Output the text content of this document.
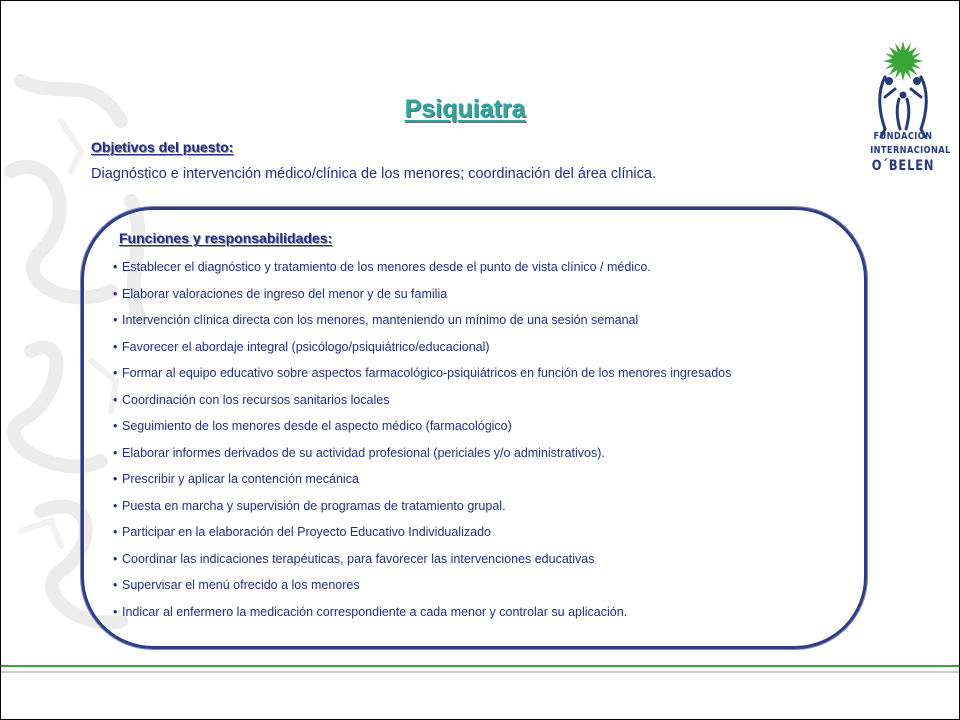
FUNDACIÓN
INTERNACIONAL
O´BELEN
Psiquiatra
Objetivos del puesto:
Diagnóstico e intervención médico/clínica de los menores; coordinación del área clínica.
Funciones y responsabilidades:
• Establecer el diagnóstico y tratamiento de los menores desde el punto de vista clínico / médico.
• Elaborar valoraciones de ingreso del menor y de su familia
• Intervención clínica directa con los menores, manteniendo un mínimo de una sesión semanal
• Favorecer el abordaje integral (psicólogo/psiquiátrico/educacional)
• Formar al equipo educativo sobre aspectos farmacológico-psiquiátricos en función de los menores ingresados
• Coordinación con los recursos sanitarios locales
• Seguimiento de los menores desde el aspecto médico (farmacológico)
• Elaborar informes derivados de su actividad profesional (periciales y/o administrativos).
• Prescribir y aplicar la contención mecánica
• Puesta en marcha y supervisión de programas de tratamiento grupal.
• Participar en la elaboración del Proyecto Educativo Individualizado
• Coordinar las indicaciones terapéuticas, para favorecer las intervenciones educativas
• Supervisar el menú ofrecido a los menores
• Indicar al enfermero la medicación correspondiente a cada menor y controlar su aplicación.
